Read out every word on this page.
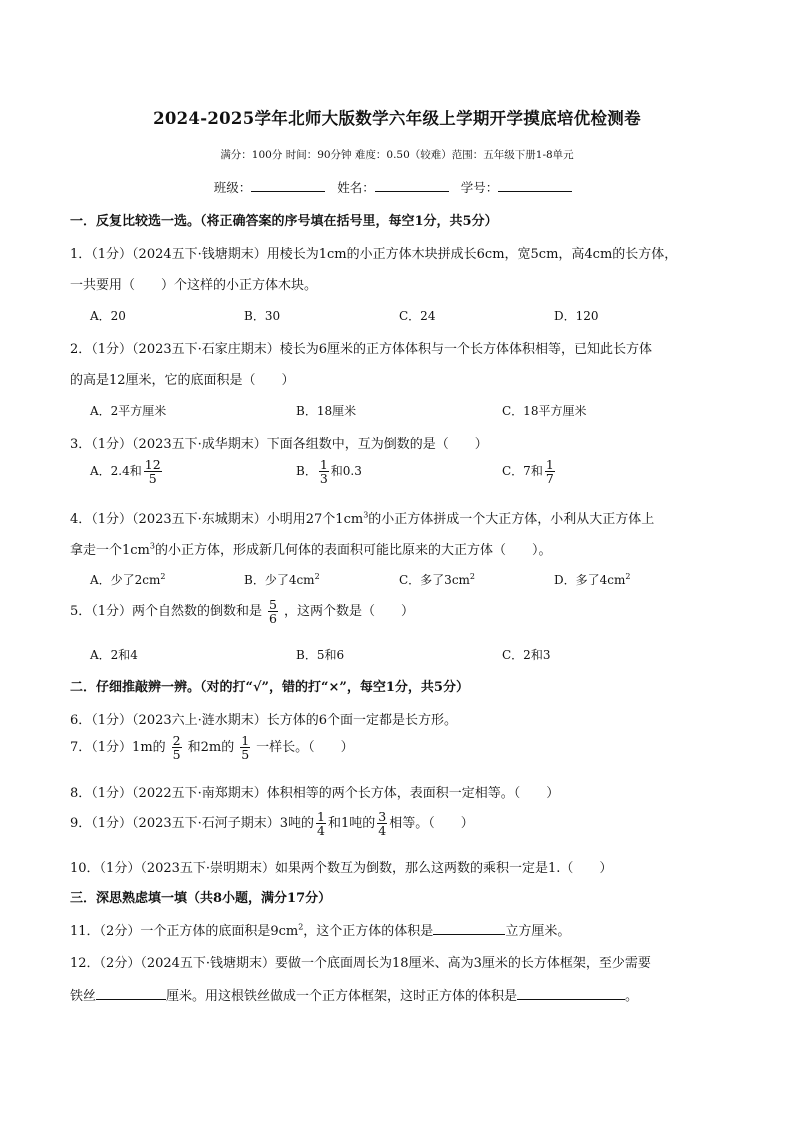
2024-2025学年北师大版数学六年级上学期开学摸底培优检测卷
满分：100分 时间：90分钟 难度：0.50（较难）范围：五年级下册1-8单元
班级：	姓名：	学号：
一．反复比较选一选。（将正确答案的序号填在括号里，每空1分，共5分）
1．（1分）（2024五下·钱塘期末）用棱长为1cm的小正方体木块拼成长6cm，宽5cm，高4cm的长方体，
一共要用（　　）个这样的小正方体木块。
A．20	B．30	C．24	D．120
2．（1分）（2023五下·石家庄期末）棱长为6厘米的正方体体积与一个长方体体积相等，已知此长方体
的高是12厘米，它的底面积是（　　）
A．2平方厘米	B．18厘米	C．18平方厘米
3．（1分）（2023五下·成华期末）下面各组数中，互为倒数的是（　　）
A．2.4和 $\frac{12}{5}$	B． $\frac{1}{3}$ 和0.3	C．7和 $\frac{1}{7}$
4．（1分）（2023五下·东城期末）小明用27个$1cm^3$的小正方体拼成一个大正方体，小利从大正方体上
拿走一个$1cm^3$的小正方体，形成新几何体的表面积可能比原来的大正方体（　　）。
A．少了$2cm^2$	B．少了$4cm^2$	C．多了$3cm^2$	D．多了$4cm^2$
5．（1分）两个自然数的倒数和是 $\frac{5}{6}$ ，这两个数是（　　）
A．2和4	B．5和6	C．2和3
二．仔细推敲辨一辨。（对的打“√”，错的打“×”，每空1分，共5分）
6．（1分）（2023六上·涟水期末）长方体的6个面一定都是长方形。
7．（1分）1m的 $\frac{2}{5}$ 和2m的 $\frac{1}{5}$ 一样长。（　　）
8．（1分）（2022五下·南郑期末）体积相等的两个长方体，表面积一定相等。（　　）
9．（1分）（2023五下·石河子期末）3吨的 $\frac{1}{4}$ 和1吨的 $\frac{3}{4}$ 相等。（　　）
10．（1分）（2023五下·崇明期末）如果两个数互为倒数，那么这两数的乘积一定是1.（　　）
三．深思熟虑填一填（共8小题，满分17分）
11．（2分）一个正方体的底面积是$9cm^2$，这个正方体的体积是	立方厘米。
12．（2分）（2024五下·钱塘期末）要做一个底面周长为18厘米、高为3厘米的长方体框架，至少需要
铁丝	厘米。用这根铁丝做成一个正方体框架，这时正方体的体积是	。
